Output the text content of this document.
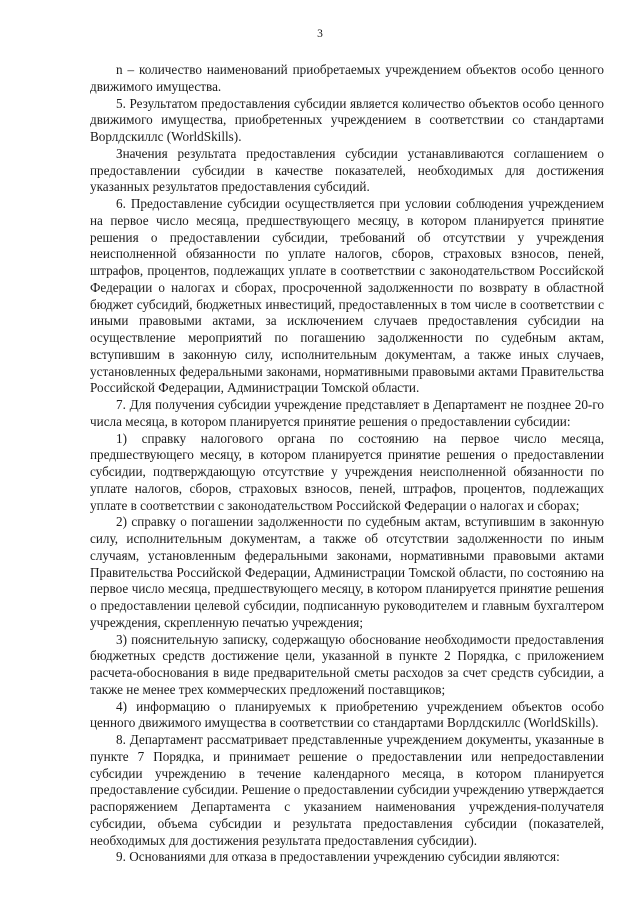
3

n – количество наименований приобретаемых учреждением объектов особо ценного движимого имущества.

5. Результатом предоставления субсидии является количество объектов особо ценного движимого имущества, приобретенных учреждением в соответствии со стандартами Ворлдскиллс (WorldSkills).

Значения результата предоставления субсидии устанавливаются соглашением о предоставлении субсидии в качестве показателей, необходимых для достижения указанных результатов предоставления субсидий.

6. Предоставление субсидии осуществляется при условии соблюдения учреждением на первое число месяца, предшествующего месяцу, в котором планируется принятие решения о предоставлении субсидии, требований об отсутствии у учреждения неисполненной обязанности по уплате налогов, сборов, страховых взносов, пеней, штрафов, процентов, подлежащих уплате в соответствии с законодательством Российской Федерации о налогах и сборах, просроченной задолженности по возврату в областной бюджет субсидий, бюджетных инвестиций, предоставленных в том числе в соответствии с иными правовыми актами, за исключением случаев предоставления субсидии на осуществление мероприятий по погашению задолженности по судебным актам, вступившим в законную силу, исполнительным документам, а также иных случаев, установленных федеральными законами, нормативными правовыми актами Правительства Российской Федерации, Администрации Томской области.

7. Для получения субсидии учреждение представляет в Департамент не позднее 20-го числа месяца, в котором планируется принятие решения о предоставлении субсидии:

1) справку налогового органа по состоянию на первое число месяца, предшествующего месяцу, в котором планируется принятие решения о предоставлении субсидии, подтверждающую отсутствие у учреждения неисполненной обязанности по уплате налогов, сборов, страховых взносов, пеней, штрафов, процентов, подлежащих уплате в соответствии с законодательством Российской Федерации о налогах и сборах;

2) справку о погашении задолженности по судебным актам, вступившим в законную силу, исполнительным документам, а также об отсутствии задолженности по иным случаям, установленным федеральными законами, нормативными правовыми актами Правительства Российской Федерации, Администрации Томской области, по состоянию на первое число месяца, предшествующего месяцу, в котором планируется принятие решения о предоставлении целевой субсидии, подписанную руководителем и главным бухгалтером учреждения, скрепленную печатью учреждения;

3) пояснительную записку, содержащую обоснование необходимости предоставления бюджетных средств достижение цели, указанной в пункте 2 Порядка, с приложением расчета-обоснования в виде предварительной сметы расходов за счет средств субсидии, а также не менее трех коммерческих предложений поставщиков;

4) информацию о планируемых к приобретению учреждением объектов особо ценного движимого имущества в соответствии со стандартами Ворлдскиллс (WorldSkills).

8. Департамент рассматривает представленные учреждением документы, указанные в пункте 7 Порядка, и принимает решение о предоставлении или непредоставлении субсидии учреждению в течение календарного месяца, в котором планируется предоставление субсидии. Решение о предоставлении субсидии учреждению утверждается распоряжением Департамента с указанием наименования учреждения-получателя субсидии, объема субсидии и результата предоставления субсидии (показателей, необходимых для достижения результата предоставления субсидии).

9. Основаниями для отказа в предоставлении учреждению субсидии являются:
